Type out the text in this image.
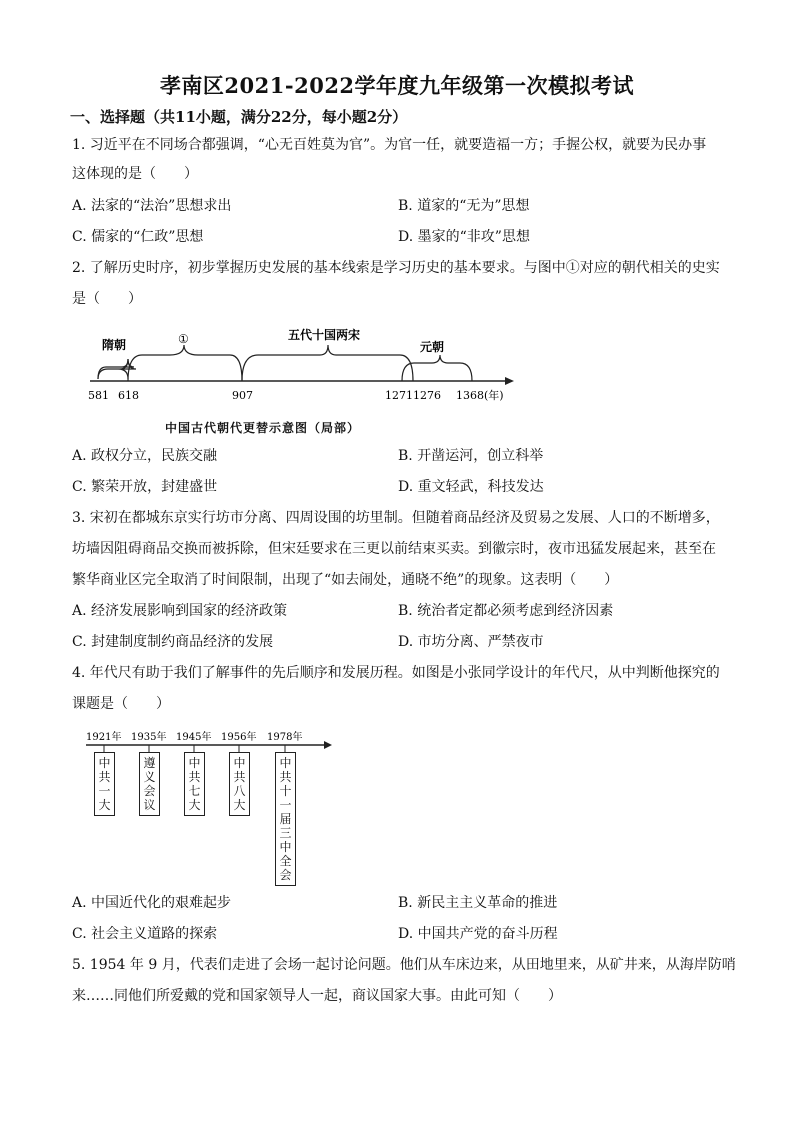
孝南区2021-2022学年度九年级第一次模拟考试
一、选择题（共11小题，满分22分，每小题2分）
1. 习近平在不同场合都强调，“心无百姓莫为官”。为官一任，就要造福一方；手握公权，就要为民办事
这体现的是（　　）
A. 法家的“法治”思想求出	B. 道家的“无为”思想
C. 儒家的“仁政”思想	D. 墨家的“非攻”思想
2. 了解历史时序，初步掌握历史发展的基本线索是学习历史的基本要求。与图中①对应的朝代相关的史实
是（　　）
隋朝	①	五代十国两宋
元朝
581 618	907	1271 1276 1368(年)
中国古代朝代更替示意图（局部）
A. 政权分立，民族交融	B. 开凿运河，创立科举
C. 繁荣开放，封建盛世	D. 重文轻武，科技发达
3. 宋初在都城东京实行坊市分离、四周设围的坊里制。但随着商品经济及贸易之发展、人口的不断增多，
坊墙因阻碍商品交换而被拆除，但宋廷要求在三更以前结束买卖。到徽宗时，夜市迅猛发展起来，甚至在
繁华商业区完全取消了时间限制，出现了“如去闹处，通晓不绝”的现象。这表明（　　）
A. 经济发展影响到国家的经济政策	B. 统治者定都必须考虑到经济因素
C. 封建制度制约商品经济的发展	D. 市坊分离、严禁夜市
4. 年代尺有助于我们了解事件的先后顺序和发展历程。如图是小张同学设计的年代尺，从中判断他探究的
课题是（　　）
1921年 1935年 1945年 1956年 1978年
中共一大
遵义会议
中共七大
中共八大
中共十一届三中全会
A. 中国近代化的艰难起步	B. 新民主主义革命的推进
C. 社会主义道路的探索	D. 中国共产党的奋斗历程
5. 1954 年 9 月，代表们走进了会场一起讨论问题。他们从车床边来，从田地里来，从矿井来，从海岸防哨
来……同他们所爱戴的党和国家领导人一起，商议国家大事。由此可知（　　）
